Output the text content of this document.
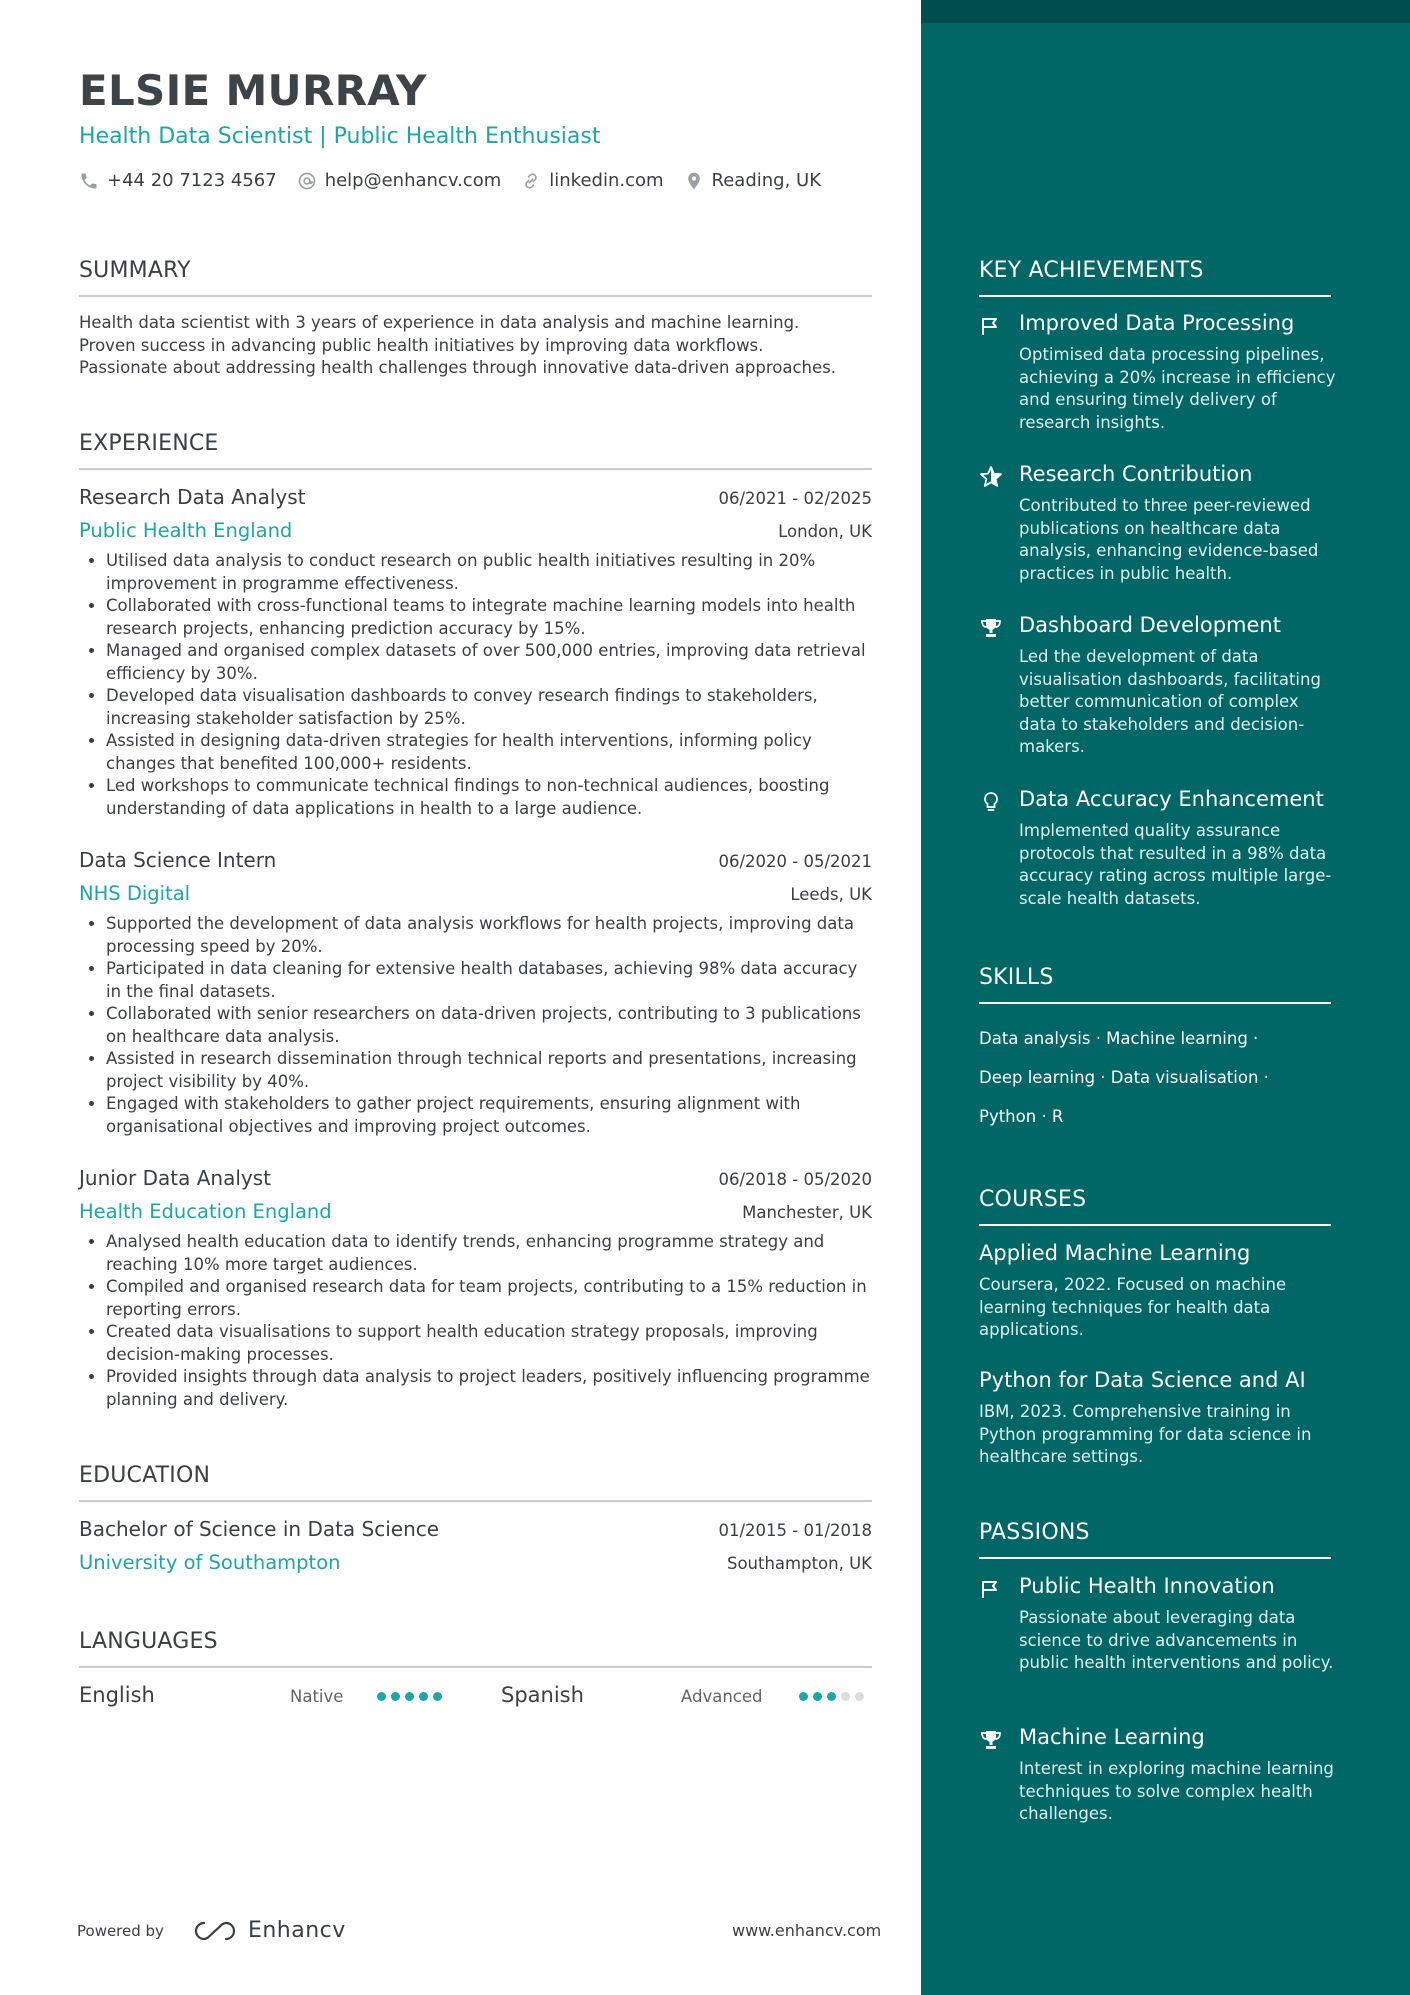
ELSIE MURRAY
Health Data Scientist | Public Health Enthusiast
+44 20 7123 4567	help@enhancv.com	linkedin.com	Reading, UK
SUMMARY
Health data scientist with 3 years of experience in data analysis and machine learning.
Proven success in advancing public health initiatives by improving data workflows.
Passionate about addressing health challenges through innovative data-driven approaches.
EXPERIENCE
Research Data Analyst	06/2021 - 02/2025
Public Health England	London, UK
• Utilised data analysis to conduct research on public health initiatives resulting in 20% improvement in programme effectiveness.
• Collaborated with cross-functional teams to integrate machine learning models into health research projects, enhancing prediction accuracy by 15%.
• Managed and organised complex datasets of over 500,000 entries, improving data retrieval efficiency by 30%.
• Developed data visualisation dashboards to convey research findings to stakeholders, increasing stakeholder satisfaction by 25%.
• Assisted in designing data-driven strategies for health interventions, informing policy changes that benefited 100,000+ residents.
• Led workshops to communicate technical findings to non-technical audiences, boosting understanding of data applications in health to a large audience.
Data Science Intern	06/2020 - 05/2021
NHS Digital	Leeds, UK
• Supported the development of data analysis workflows for health projects, improving data processing speed by 20%.
• Participated in data cleaning for extensive health databases, achieving 98% data accuracy in the final datasets.
• Collaborated with senior researchers on data-driven projects, contributing to 3 publications on healthcare data analysis.
• Assisted in research dissemination through technical reports and presentations, increasing project visibility by 40%.
• Engaged with stakeholders to gather project requirements, ensuring alignment with organisational objectives and improving project outcomes.
Junior Data Analyst	06/2018 - 05/2020
Health Education England	Manchester, UK
• Analysed health education data to identify trends, enhancing programme strategy and reaching 10% more target audiences.
• Compiled and organised research data for team projects, contributing to a 15% reduction in reporting errors.
• Created data visualisations to support health education strategy proposals, improving decision-making processes.
• Provided insights through data analysis to project leaders, positively influencing programme planning and delivery.
EDUCATION
Bachelor of Science in Data Science	01/2015 - 01/2018
University of Southampton	Southampton, UK
LANGUAGES
English	Native	Spanish	Advanced
Powered by	Enhancv	www.enhancv.com
KEY ACHIEVEMENTS
Improved Data Processing
Optimised data processing pipelines, achieving a 20% increase in efficiency and ensuring timely delivery of research insights.
Research Contribution
Contributed to three peer-reviewed publications on healthcare data analysis, enhancing evidence-based practices in public health.
Dashboard Development
Led the development of data visualisation dashboards, facilitating better communication of complex data to stakeholders and decision-makers.
Data Accuracy Enhancement
Implemented quality assurance protocols that resulted in a 98% data accuracy rating across multiple large-scale health datasets.
SKILLS
Data analysis · Machine learning ·
Deep learning · Data visualisation ·
Python · R
COURSES
Applied Machine Learning
Coursera, 2022. Focused on machine learning techniques for health data applications.
Python for Data Science and AI
IBM, 2023. Comprehensive training in Python programming for data science in healthcare settings.
PASSIONS
Public Health Innovation
Passionate about leveraging data science to drive advancements in public health interventions and policy.
Machine Learning
Interest in exploring machine learning techniques to solve complex health challenges.
